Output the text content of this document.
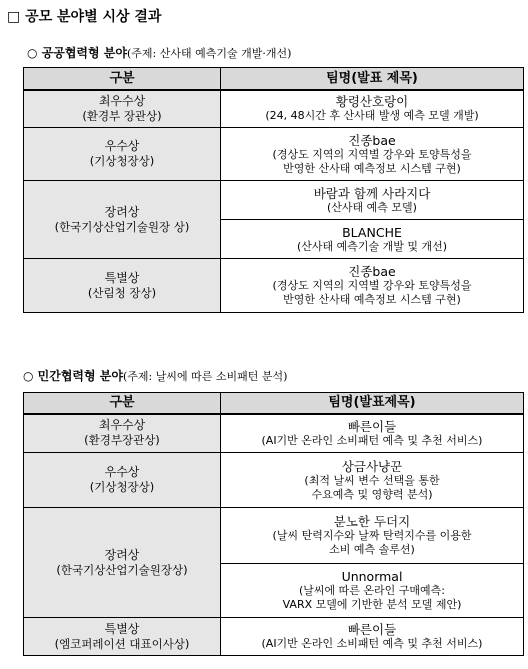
□ 공모 분야별 시상 결과
○ 공공협력형 분야(주제: 산사태 예측기술 개발·개선)
구분	팀명(발표 제목)

최우수상
(환경부 장관상)	황령산호랑이
(24, 48시간 후 산사태 발생 예측 모델 개발)

우수상
(기상청장상)	진종bae
(경상도 지역의 지역별 강우와 토양특성을
반영한 산사태 예측정보 시스템 구현)

장려상
(한국기상산업기술원장 상)	바람과 함께 사라지다
(산사태 예측 모델)

	BLANCHE
(산사태 예측기술 개발 및 개선)

특별상
(산림청 장상)	진종bae
(경상도 지역의 지역별 강우와 토양특성을
반영한 산사태 예측정보 시스템 구현)
○ 민간협력형 분야(주제: 날씨에 따른 소비패턴 분석)
구분	팀명(발표제목)

최우수상
(환경부장관상)	빠른이들
(AI기반 온라인 소비패턴 예측 및 추천 서비스)

우수상
(기상청장상)	상금사냥꾼
(최적 날씨 변수 선택을 통한
수요예측 및 영향력 분석)

장려상
(한국기상산업기술원장상)	분노한 두더지
(날씨 탄력지수와 날짜 탄력지수를 이용한
소비 예측 솔루션)

	Unnormal
(날씨에 따른 온라인 구매예측:
VARX 모델에 기반한 분석 모델 제안)

특별상
(엠코퍼레이션 대표이사상)	빠른이들
(AI기반 온라인 소비패턴 예측 및 추천 서비스)
